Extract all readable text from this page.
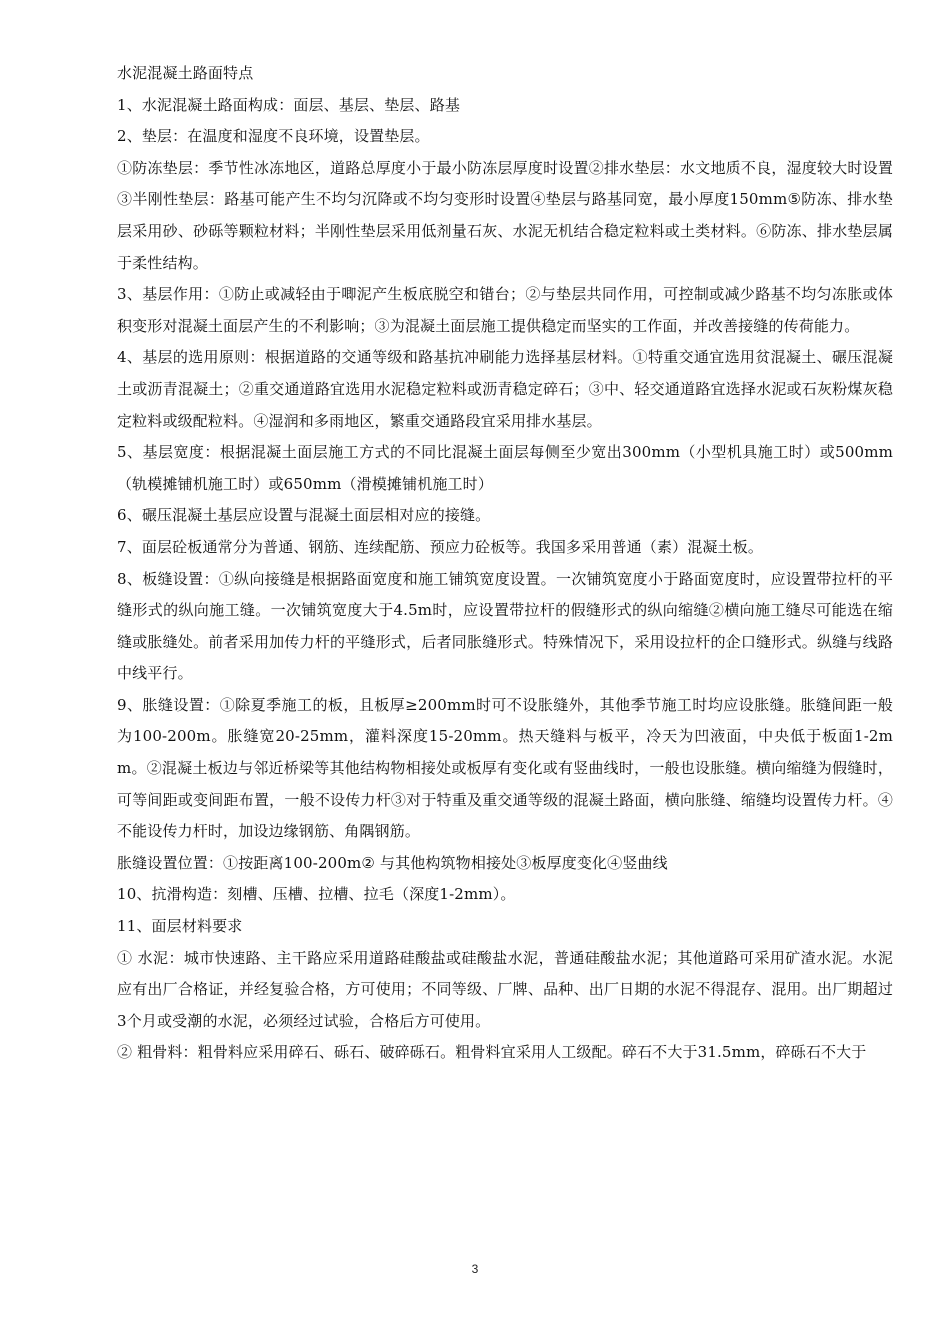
水泥混凝土路面特点

1、水泥混凝土路面构成：面层、基层、垫层、路基

2、垫层：在温度和湿度不良环境，设置垫层。

①防冻垫层：季节性冰冻地区，道路总厚度小于最小防冻层厚度时设置②排水垫层：水文地质不良，湿度较大时设置③半刚性垫层：路基可能产生不均匀沉降或不均匀变形时设置④垫层与路基同宽，最小厚度150mm⑤防冻、排水垫层采用砂、砂砾等颗粒材料；半刚性垫层采用低剂量石灰、水泥无机结合稳定粒料或土类材料。⑥防冻、排水垫层属于柔性结构。

3、基层作用：①防止或减轻由于唧泥产生板底脱空和错台；②与垫层共同作用，可控制或减少路基不均匀冻胀或体积变形对混凝土面层产生的不利影响；③为混凝土面层施工提供稳定而坚实的工作面，并改善接缝的传荷能力。

4、基层的选用原则：根据道路的交通等级和路基抗冲刷能力选择基层材料。①特重交通宜选用贫混凝土、碾压混凝土或沥青混凝土；②重交通道路宜选用水泥稳定粒料或沥青稳定碎石；③中、轻交通道路宜选择水泥或石灰粉煤灰稳定粒料或级配粒料。④湿润和多雨地区，繁重交通路段宜采用排水基层。

5、基层宽度：根据混凝土面层施工方式的不同比混凝土面层每侧至少宽出300mm（小型机具施工时）或500mm（轨模摊铺机施工时）或650mm（滑模摊铺机施工时）

6、碾压混凝土基层应设置与混凝土面层相对应的接缝。

7、面层砼板通常分为普通、钢筋、连续配筋、预应力砼板等。我国多采用普通（素）混凝土板。

8、板缝设置：①纵向接缝是根据路面宽度和施工铺筑宽度设置。一次铺筑宽度小于路面宽度时，应设置带拉杆的平缝形式的纵向施工缝。一次铺筑宽度大于4.5m时，应设置带拉杆的假缝形式的纵向缩缝②横向施工缝尽可能选在缩缝或胀缝处。前者采用加传力杆的平缝形式，后者同胀缝形式。特殊情况下，采用设拉杆的企口缝形式。纵缝与线路中线平行。

9、胀缝设置：①除夏季施工的板，且板厚≥200mm时可不设胀缝外，其他季节施工时均应设胀缝。胀缝间距一般为100-200m。胀缝宽20-25mm，灌料深度15-20mm。热天缝料与板平，冷天为凹液面，中央低于板面1-2mm。②混凝土板边与邻近桥梁等其他结构物相接处或板厚有变化或有竖曲线时，一般也设胀缝。横向缩缝为假缝时，可等间距或变间距布置，一般不设传力杆③对于特重及重交通等级的混凝土路面，横向胀缝、缩缝均设置传力杆。④不能设传力杆时，加设边缘钢筋、角隅钢筋。

胀缝设置位置：①按距离100-200m② 与其他构筑物相接处③板厚度变化④竖曲线

10、抗滑构造：刻槽、压槽、拉槽、拉毛（深度1-2mm）。

11、面层材料要求

① 水泥：城市快速路、主干路应采用道路硅酸盐或硅酸盐水泥，普通硅酸盐水泥；其他道路可采用矿渣水泥。水泥应有出厂合格证，并经复验合格，方可使用；不同等级、厂牌、品种、出厂日期的水泥不得混存、混用。出厂期超过3个月或受潮的水泥，必须经过试验，合格后方可使用。

② 粗骨料：粗骨料应采用碎石、砾石、破碎砾石。粗骨料宜采用人工级配。碎石不大于31.5mm，碎砾石不大于

3
